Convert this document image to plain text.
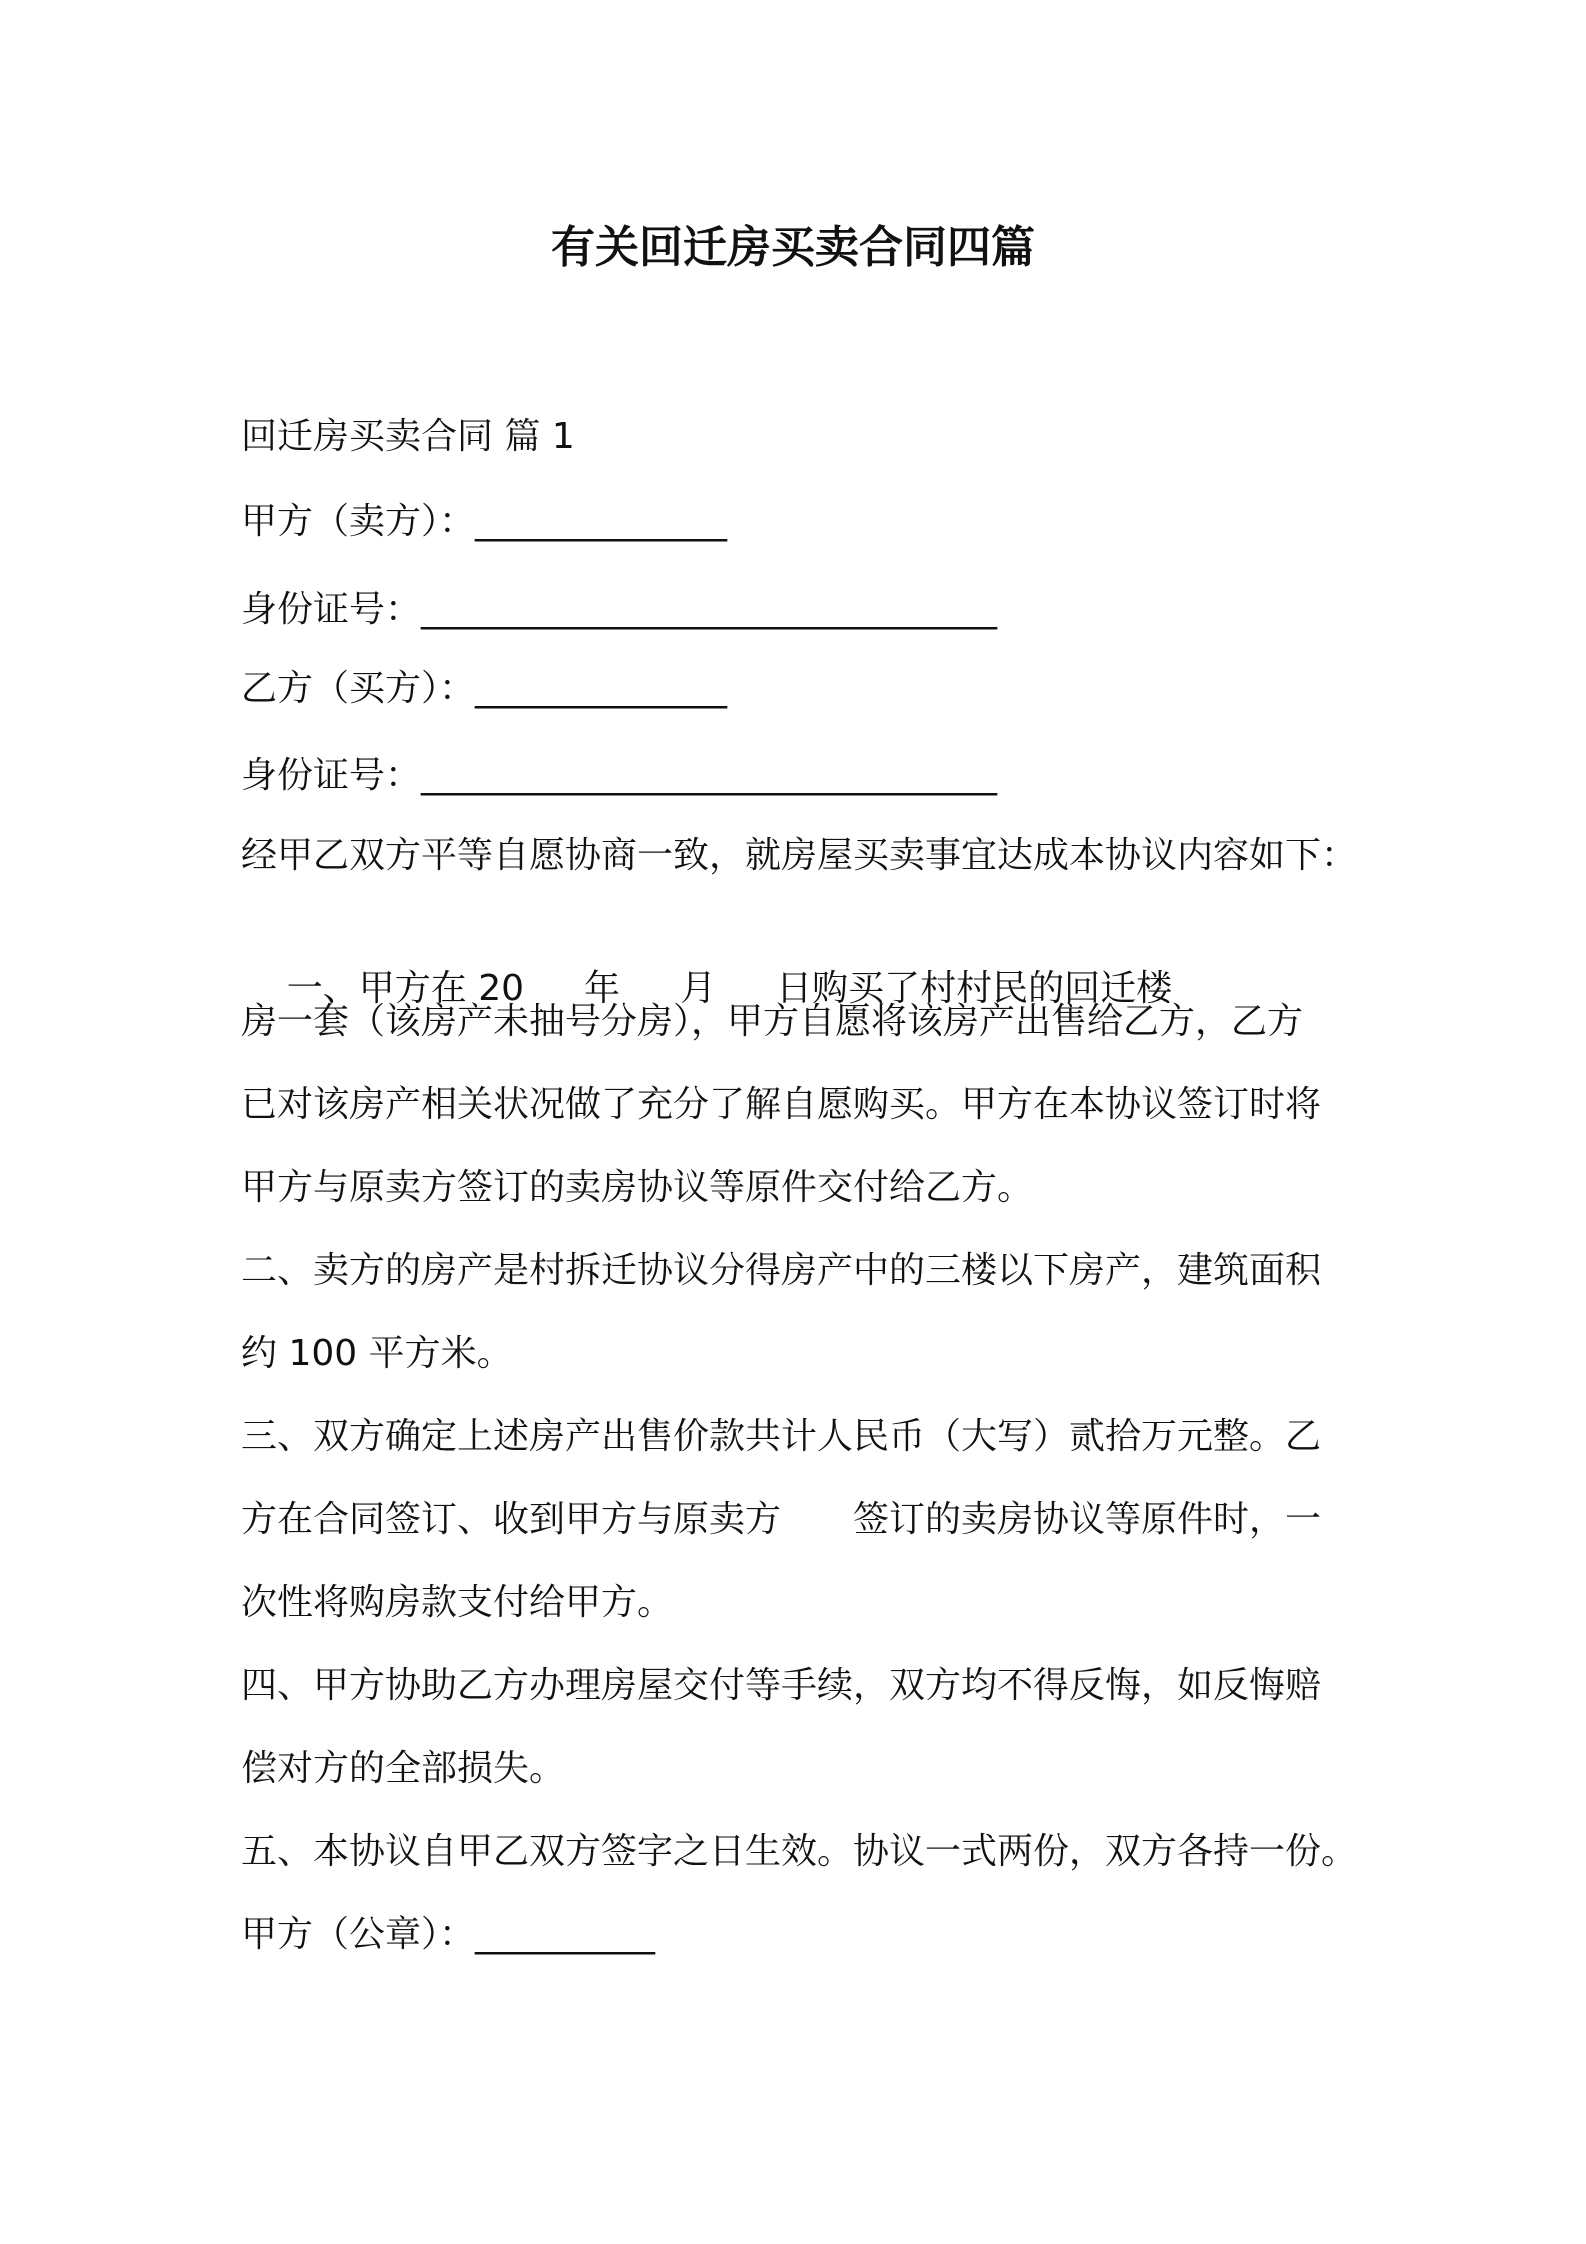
有关回迁房买卖合同四篇
回迁房买卖合同 篇 1
甲方（卖方）：______________
身份证号：________________________________
乙方（买方）：______________
身份证号：________________________________
经甲乙双方平等自愿协商一致，就房屋买卖事宜达成本协议内容如下：

一、甲方在 20 年 月 日购买了村村民的回迁楼

房一套（该房产未抽号分房），甲方自愿将该房产出售给乙方，乙方
已对该房产相关状况做了充分了解自愿购买。甲方在本协议签订时将
甲方与原卖方签订的卖房协议等原件交付给乙方。
二、卖方的房产是村拆迁协议分得房产中的三楼以下房产，建筑面积
约 100 平方米。
三、双方确定上述房产出售价款共计人民币（大写）贰拾万元整。乙
方在合同签订、收到甲方与原卖方　　签订的卖房协议等原件时，一
次性将购房款支付给甲方。
四、甲方协助乙方办理房屋交付等手续，双方均不得反悔，如反悔赔
偿对方的全部损失。
五、本协议自甲乙双方签字之日生效。协议一式两份，双方各持一份。
甲方（公章）：__________
